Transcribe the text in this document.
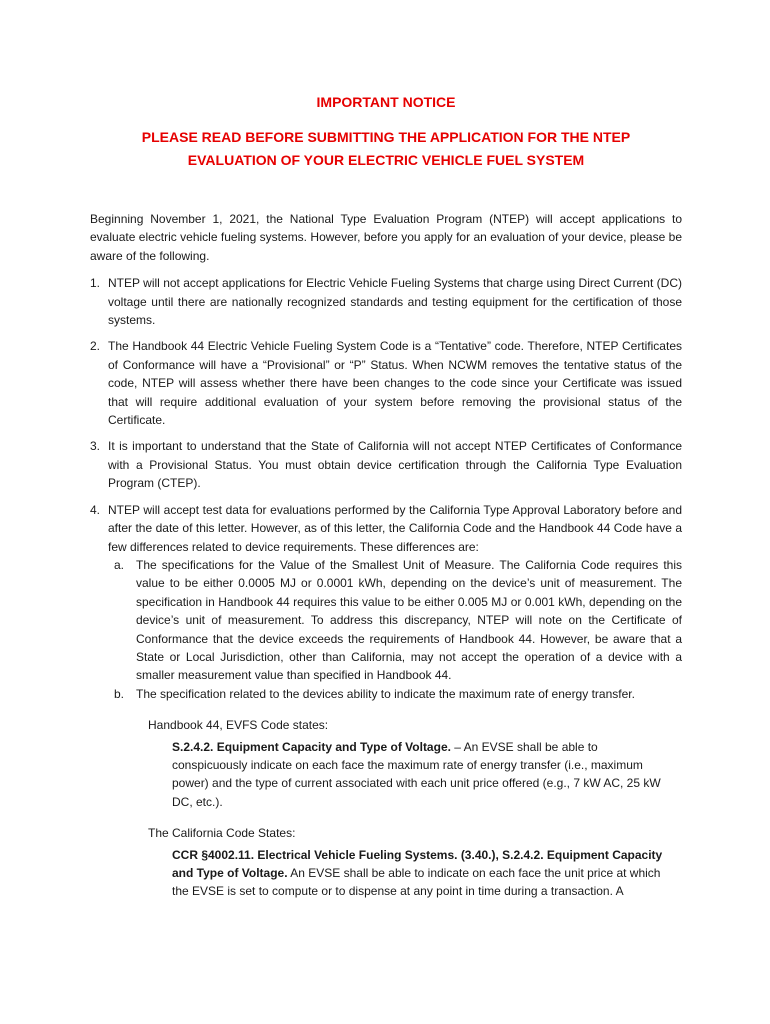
IMPORTANT NOTICE
PLEASE READ BEFORE SUBMITTING THE APPLICATION FOR THE NTEP EVALUATION OF YOUR ELECTRIC VEHICLE FUEL SYSTEM

Beginning November 1, 2021, the National Type Evaluation Program (NTEP) will accept applications to evaluate electric vehicle fueling systems. However, before you apply for an evaluation of your device, please be aware of the following.

1. NTEP will not accept applications for Electric Vehicle Fueling Systems that charge using Direct Current (DC) voltage until there are nationally recognized standards and testing equipment for the certification of those systems.
2. The Handbook 44 Electric Vehicle Fueling System Code is a “Tentative” code. Therefore, NTEP Certificates of Conformance will have a “Provisional” or “P” Status. When NCWM removes the tentative status of the code, NTEP will assess whether there have been changes to the code since your Certificate was issued that will require additional evaluation of your system before removing the provisional status of the Certificate.
3. It is important to understand that the State of California will not accept NTEP Certificates of Conformance with a Provisional Status. You must obtain device certification through the California Type Evaluation Program (CTEP).
4. NTEP will accept test data for evaluations performed by the California Type Approval Laboratory before and after the date of this letter. However, as of this letter, the California Code and the Handbook 44 Code have a few differences related to device requirements. These differences are:
a. The specifications for the Value of the Smallest Unit of Measure. The California Code requires this value to be either 0.0005 MJ or 0.0001 kWh, depending on the device’s unit of measurement. The specification in Handbook 44 requires this value to be either 0.005 MJ or 0.001 kWh, depending on the device’s unit of measurement. To address this discrepancy, NTEP will note on the Certificate of Conformance that the device exceeds the requirements of Handbook 44. However, be aware that a State or Local Jurisdiction, other than California, may not accept the operation of a device with a smaller measurement value than specified in Handbook 44.
b. The specification related to the devices ability to indicate the maximum rate of energy transfer.
Handbook 44, EVFS Code states:
S.2.4.2. Equipment Capacity and Type of Voltage. – An EVSE shall be able to conspicuously indicate on each face the maximum rate of energy transfer (i.e., maximum power) and the type of current associated with each unit price offered (e.g., 7 kW AC, 25 kW DC, etc.).
The California Code States:
CCR §4002.11. Electrical Vehicle Fueling Systems. (3.40.), S.2.4.2. Equipment Capacity and Type of Voltage. An EVSE shall be able to indicate on each face the unit price at which the EVSE is set to compute or to dispense at any point in time during a transaction. A
